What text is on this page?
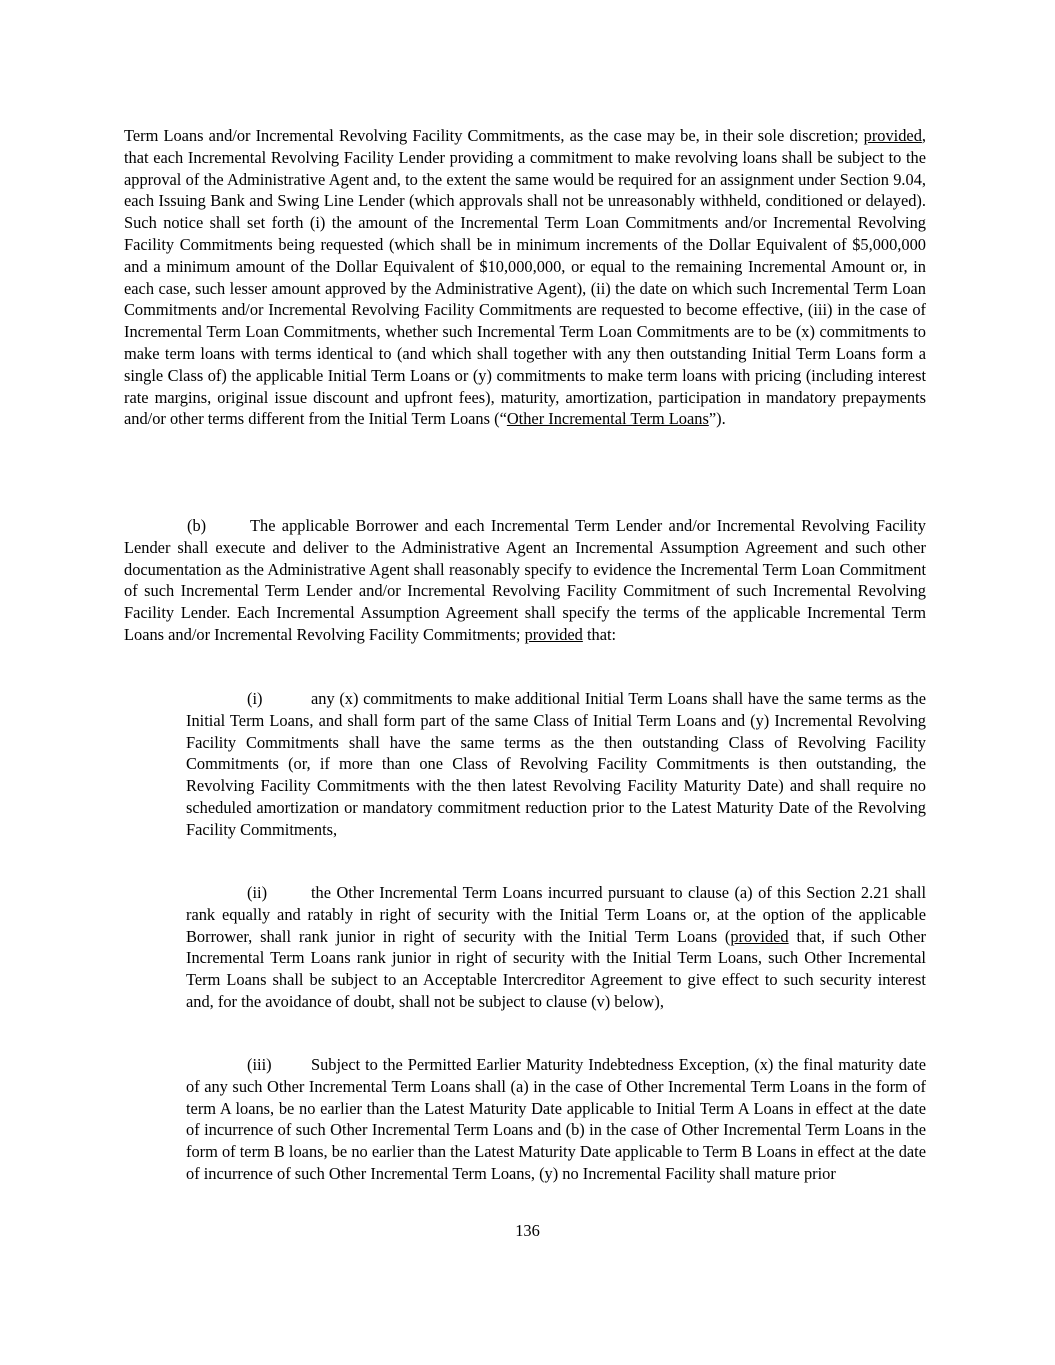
Term Loans and/or Incremental Revolving Facility Commitments, as the case may be, in their sole discretion; provided, that each Incremental Revolving Facility Lender providing a commitment to make revolving loans shall be subject to the approval of the Administrative Agent and, to the extent the same would be required for an assignment under Section 9.04, each Issuing Bank and Swing Line Lender (which approvals shall not be unreasonably withheld, conditioned or delayed). Such notice shall set forth (i) the amount of the Incremental Term Loan Commitments and/or Incremental Revolving Facility Commitments being requested (which shall be in minimum increments of the Dollar Equivalent of $5,000,000 and a minimum amount of the Dollar Equivalent of $10,000,000, or equal to the remaining Incremental Amount or, in each case, such lesser amount approved by the Administrative Agent), (ii) the date on which such Incremental Term Loan Commitments and/or Incremental Revolving Facility Commitments are requested to become effective, (iii) in the case of Incremental Term Loan Commitments, whether such Incremental Term Loan Commitments are to be (x) commitments to make term loans with terms identical to (and which shall together with any then outstanding Initial Term Loans form a single Class of) the applicable Initial Term Loans or (y) commitments to make term loans with pricing (including interest rate margins, original issue discount and upfront fees), maturity, amortization, participation in mandatory prepayments and/or other terms different from the Initial Term Loans (“Other Incremental Term Loans”).

(b)	The applicable Borrower and each Incremental Term Lender and/or Incremental Revolving Facility Lender shall execute and deliver to the Administrative Agent an Incremental Assumption Agreement and such other documentation as the Administrative Agent shall reasonably specify to evidence the Incremental Term Loan Commitment of such Incremental Term Lender and/or Incremental Revolving Facility Commitment of such Incremental Revolving Facility Lender. Each Incremental Assumption Agreement shall specify the terms of the applicable Incremental Term Loans and/or Incremental Revolving Facility Commitments; provided that:

(i)	any (x) commitments to make additional Initial Term Loans shall have the same terms as the Initial Term Loans, and shall form part of the same Class of Initial Term Loans and (y) Incremental Revolving Facility Commitments shall have the same terms as the then outstanding Class of Revolving Facility Commitments (or, if more than one Class of Revolving Facility Commitments is then outstanding, the Revolving Facility Commitments with the then latest Revolving Facility Maturity Date) and shall require no scheduled amortization or mandatory commitment reduction prior to the Latest Maturity Date of the Revolving Facility Commitments,

(ii)	the Other Incremental Term Loans incurred pursuant to clause (a) of this Section 2.21 shall rank equally and ratably in right of security with the Initial Term Loans or, at the option of the applicable Borrower, shall rank junior in right of security with the Initial Term Loans (provided that, if such Other Incremental Term Loans rank junior in right of security with the Initial Term Loans, such Other Incremental Term Loans shall be subject to an Acceptable Intercreditor Agreement to give effect to such security interest and, for the avoidance of doubt, shall not be subject to clause (v) below),

(iii) Subject to the Permitted Earlier Maturity Indebtedness Exception, (x) the final maturity date of any such Other Incremental Term Loans shall (a) in the case of Other Incremental Term Loans in the form of term A loans, be no earlier than the Latest Maturity Date applicable to Initial Term A Loans in effect at the date of incurrence of such Other Incremental Term Loans and (b) in the case of Other Incremental Term Loans in the form of term B loans, be no earlier than the Latest Maturity Date applicable to Term B Loans in effect at the date of incurrence of such Other Incremental Term Loans, (y) no Incremental Facility shall mature prior

136
